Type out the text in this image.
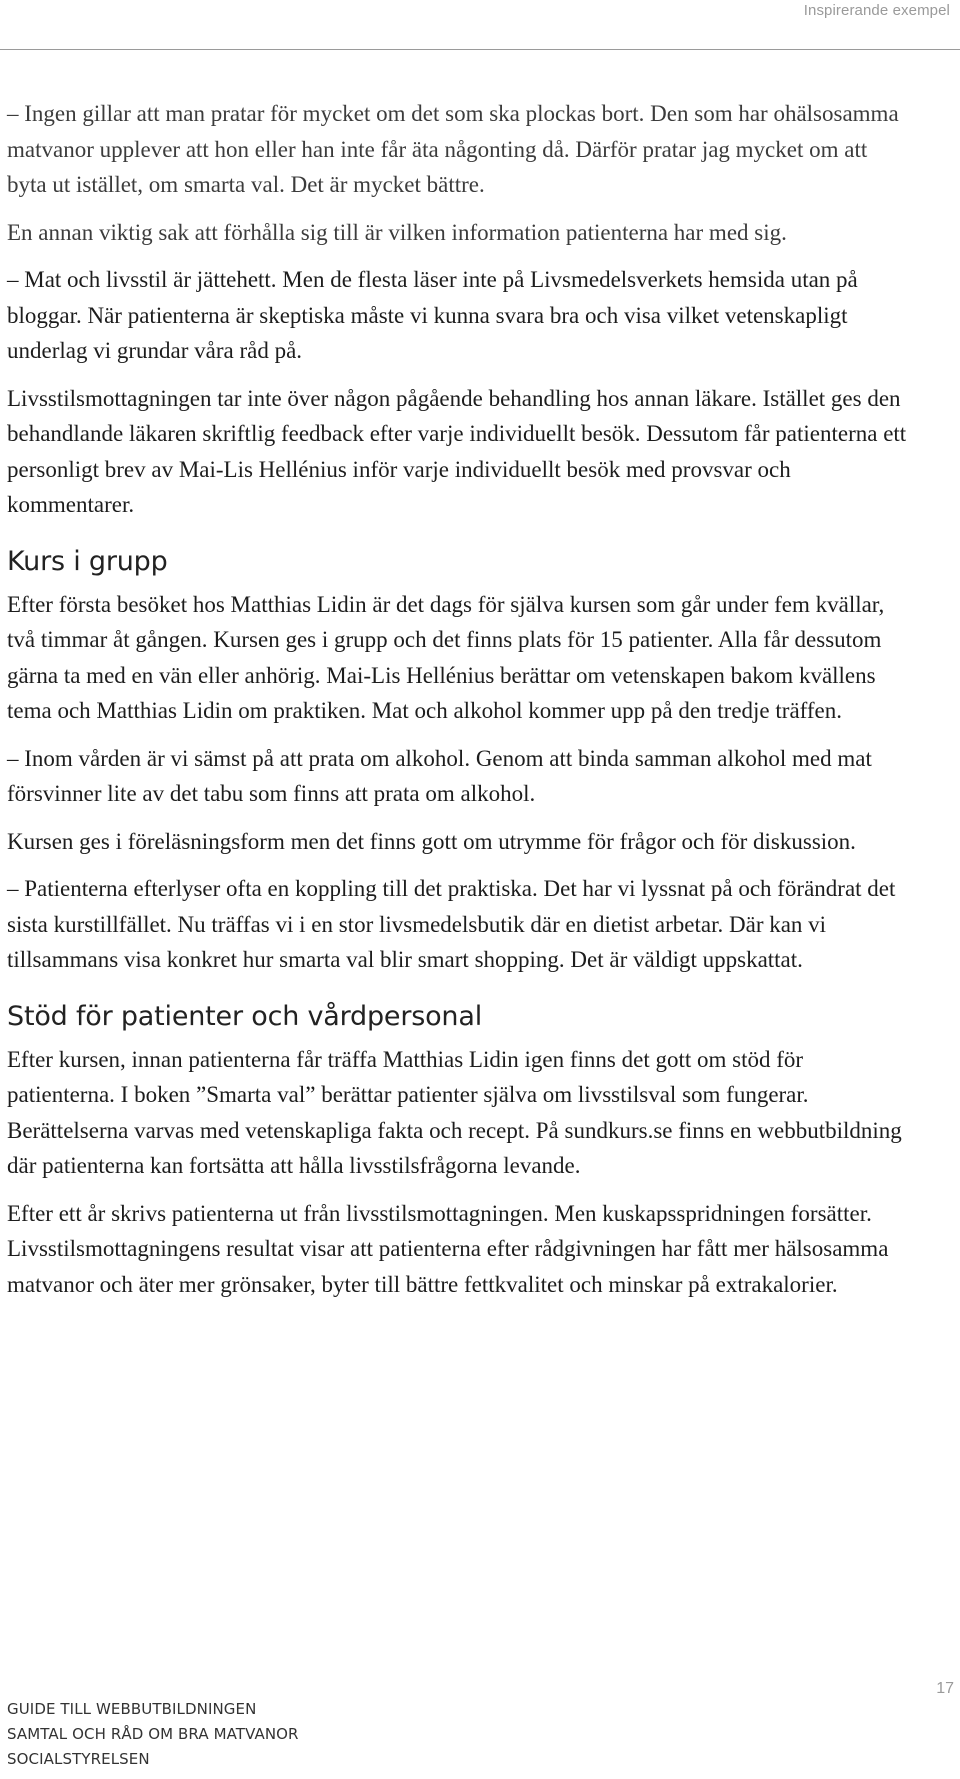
Inspirerande exempel

– Ingen gillar att man pratar för mycket om det som ska plockas bort. Den som har ohälsosamma matvanor upplever att hon eller han inte får äta någonting då. Därför pratar jag mycket om att byta ut istället, om smarta val. Det är mycket bättre.

En annan viktig sak att förhålla sig till är vilken information patienterna har med sig.

– Mat och livsstil är jättehett. Men de flesta läser inte på Livsmedelsverkets hemsida utan på bloggar. När patienterna är skeptiska måste vi kunna svara bra och visa vilket vetenskapligt underlag vi grundar våra råd på.

Livsstilsmottagningen tar inte över någon pågående behandling hos annan läkare. Istället ges den behandlande läkaren skriftlig feedback efter varje individuellt besök. Dessutom får patienterna ett personligt brev av Mai-Lis Hellénius inför varje individuellt besök med provsvar och kommentarer.

Kurs i grupp

Efter första besöket hos Matthias Lidin är det dags för själva kursen som går under fem kvällar, två timmar åt gången. Kursen ges i grupp och det finns plats för 15 patienter. Alla får dessutom gärna ta med en vän eller anhörig. Mai-Lis Hellénius berättar om vetenskapen bakom kvällens tema och Matthias Lidin om praktiken. Mat och alkohol kommer upp på den tredje träffen.

– Inom vården är vi sämst på att prata om alkohol. Genom att binda samman alkohol med mat försvinner lite av det tabu som finns att prata om alkohol.

Kursen ges i föreläsningsform men det finns gott om utrymme för frågor och för diskussion.

– Patienterna efterlyser ofta en koppling till det praktiska. Det har vi lyssnat på och förändrat det sista kurstillfället. Nu träffas vi i en stor livsmedelsbutik där en dietist arbetar. Där kan vi tillsammans visa konkret hur smarta val blir smart shopping. Det är väldigt uppskattat.

Stöd för patienter och vårdpersonal

Efter kursen, innan patienterna får träffa Matthias Lidin igen finns det gott om stöd för patienterna. I boken ”Smarta val” berättar patienter själva om livsstilsval som fungerar. Berättelserna varvas med vetenskapliga fakta och recept. På sundkurs.se finns en webbutbildning där patienterna kan fortsätta att hålla livsstilsfrågorna levande.

Efter ett år skrivs patienterna ut från livsstilsmottagningen. Men kuskapsspridningen forsätter. Livsstilsmottagningens resultat visar att patienterna efter rådgivningen har fått mer hälsosamma matvanor och äter mer grönsaker, byter till bättre fettkvalitet och minskar på extrakalorier.

GUIDE TILL WEBBUTBILDNINGEN
SAMTAL OCH RÅD OM BRA MATVANOR
SOCIALSTYRELSEN
17
